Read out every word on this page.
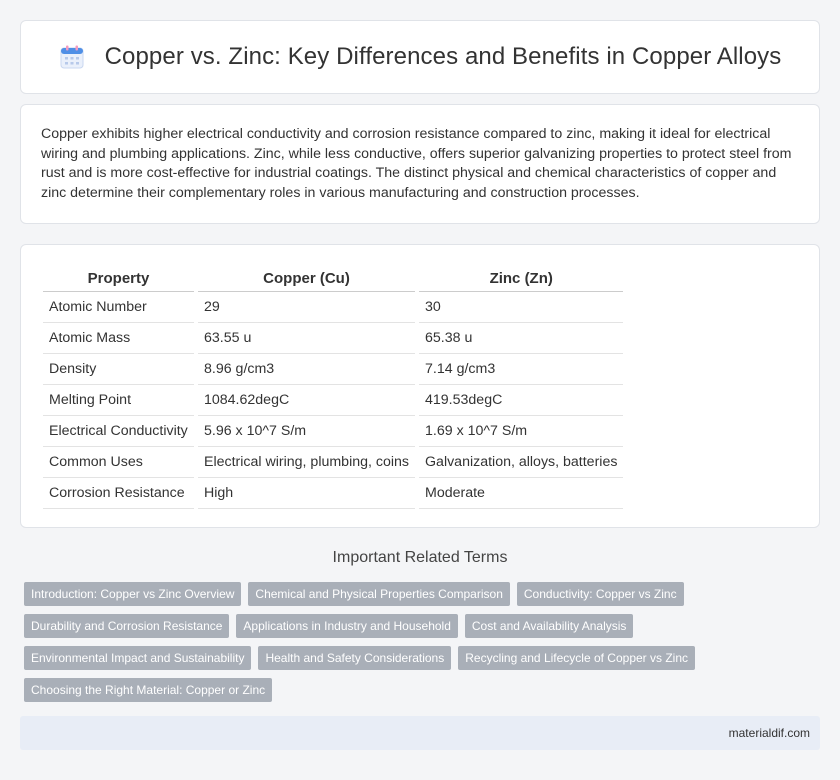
Copper vs. Zinc: Key Differences and Benefits in Copper Alloys

Copper exhibits higher electrical conductivity and corrosion resistance compared to zinc, making it ideal for electrical wiring and plumbing applications. Zinc, while less conductive, offers superior galvanizing properties to protect steel from rust and is more cost-effective for industrial coatings. The distinct physical and chemical characteristics of copper and zinc determine their complementary roles in various manufacturing and construction processes.

Property	Copper (Cu)	Zinc (Zn)
Atomic Number	29	30
Atomic Mass	63.55 u	65.38 u
Density	8.96 g/cm3	7.14 g/cm3
Melting Point	1084.62degC	419.53degC
Electrical Conductivity	5.96 x 10^7 S/m	1.69 x 10^7 S/m
Common Uses	Electrical wiring, plumbing, coins	Galvanization, alloys, batteries
Corrosion Resistance	High	Moderate
Important Related Terms
Introduction: Copper vs Zinc Overview	Chemical and Physical Properties Comparison	Conductivity: Copper vs Zinc
Durability and Corrosion Resistance	Applications in Industry and Household	Cost and Availability Analysis
Environmental Impact and Sustainability	Health and Safety Considerations	Recycling and Lifecycle of Copper vs Zinc
Choosing the Right Material: Copper or Zinc
materialdif.com
